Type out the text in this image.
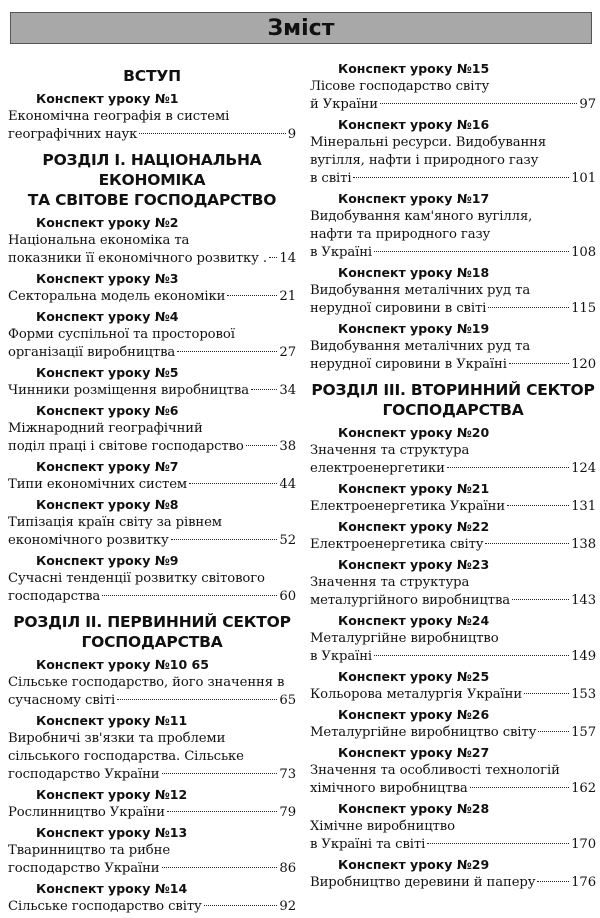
Зміст
ВСТУП
Конспект уроку №1
Економічна географія в системі
географічних наук	9
РОЗДІЛ І. НАЦІОНАЛЬНА ЕКОНОМІКА
ТА СВІТОВЕ ГОСПОДАРСТВО
Конспект уроку №2
Національна економіка та
показники її економічного розвитку . 14
Конспект уроку №3
Секторальна модель економіки	21
Конспект уроку №4
Форми суспільної та просторової
організації виробництва	27
Конспект уроку №5
Чинники розміщення виробництва 34
Конспект уроку №6
Міжнародний географічний
поділ праці і світове господарство	38
Конспект уроку №7
Типи економічних систем	44
Конспект уроку №8
Типізація країн світу за рівнем
економічного розвитку	52
Конспект уроку №9
Сучасні тенденції розвитку світового
господарства	60
РОЗДІЛ ІІ. ПЕРВИННИЙ СЕКТОР
ГОСПОДАРСТВА
Конспект уроку №10 65
Сільське господарство, його значення в
сучасному світі	65
Конспект уроку №11
Виробничі зв'язки та проблеми
сільського господарства. Сільське
господарство України	73
Конспект уроку №12
Рослинництво України	79
Конспект уроку №13
Тваринництво та рибне
господарство України	86
Конспект уроку №14
Сільське господарство світу	92
Конспект уроку №15
Лісове господарство світу
й України	97
Конспект уроку №16
Мінеральні ресурси. Видобування
вугілля, нафти і природного газу
в світі	101
Конспект уроку №17
Видобування кам'яного вугілля,
нафти та природного газу
в Україні	108
Конспект уроку №18
Видобування металічних руд та
нерудної сировини в світі	115
Конспект уроку №19
Видобування металічних руд та
нерудної сировини в Україні	120
РОЗДІЛ ІІІ. ВТОРИННИЙ СЕКТОР
ГОСПОДАРСТВА
Конспект уроку №20
Значення та структура
електроенергетики	124
Конспект уроку №21
Електроенергетика України	131
Конспект уроку №22
Електроенергетика світу	138
Конспект уроку №23
Значення та структура
металургійного виробництва	143
Конспект уроку №24
Металургійне виробництво
в Україні	149
Конспект уроку №25
Кольорова металургія України	153
Конспект уроку №26
Металургійне виробництво світу	157
Конспект уроку №27
Значення та особливості технологій
хімічного виробництва	162
Конспект уроку №28
Хімічне виробництво
в Україні та світі	170
Конспект уроку №29
Виробництво деревини й паперу	176
